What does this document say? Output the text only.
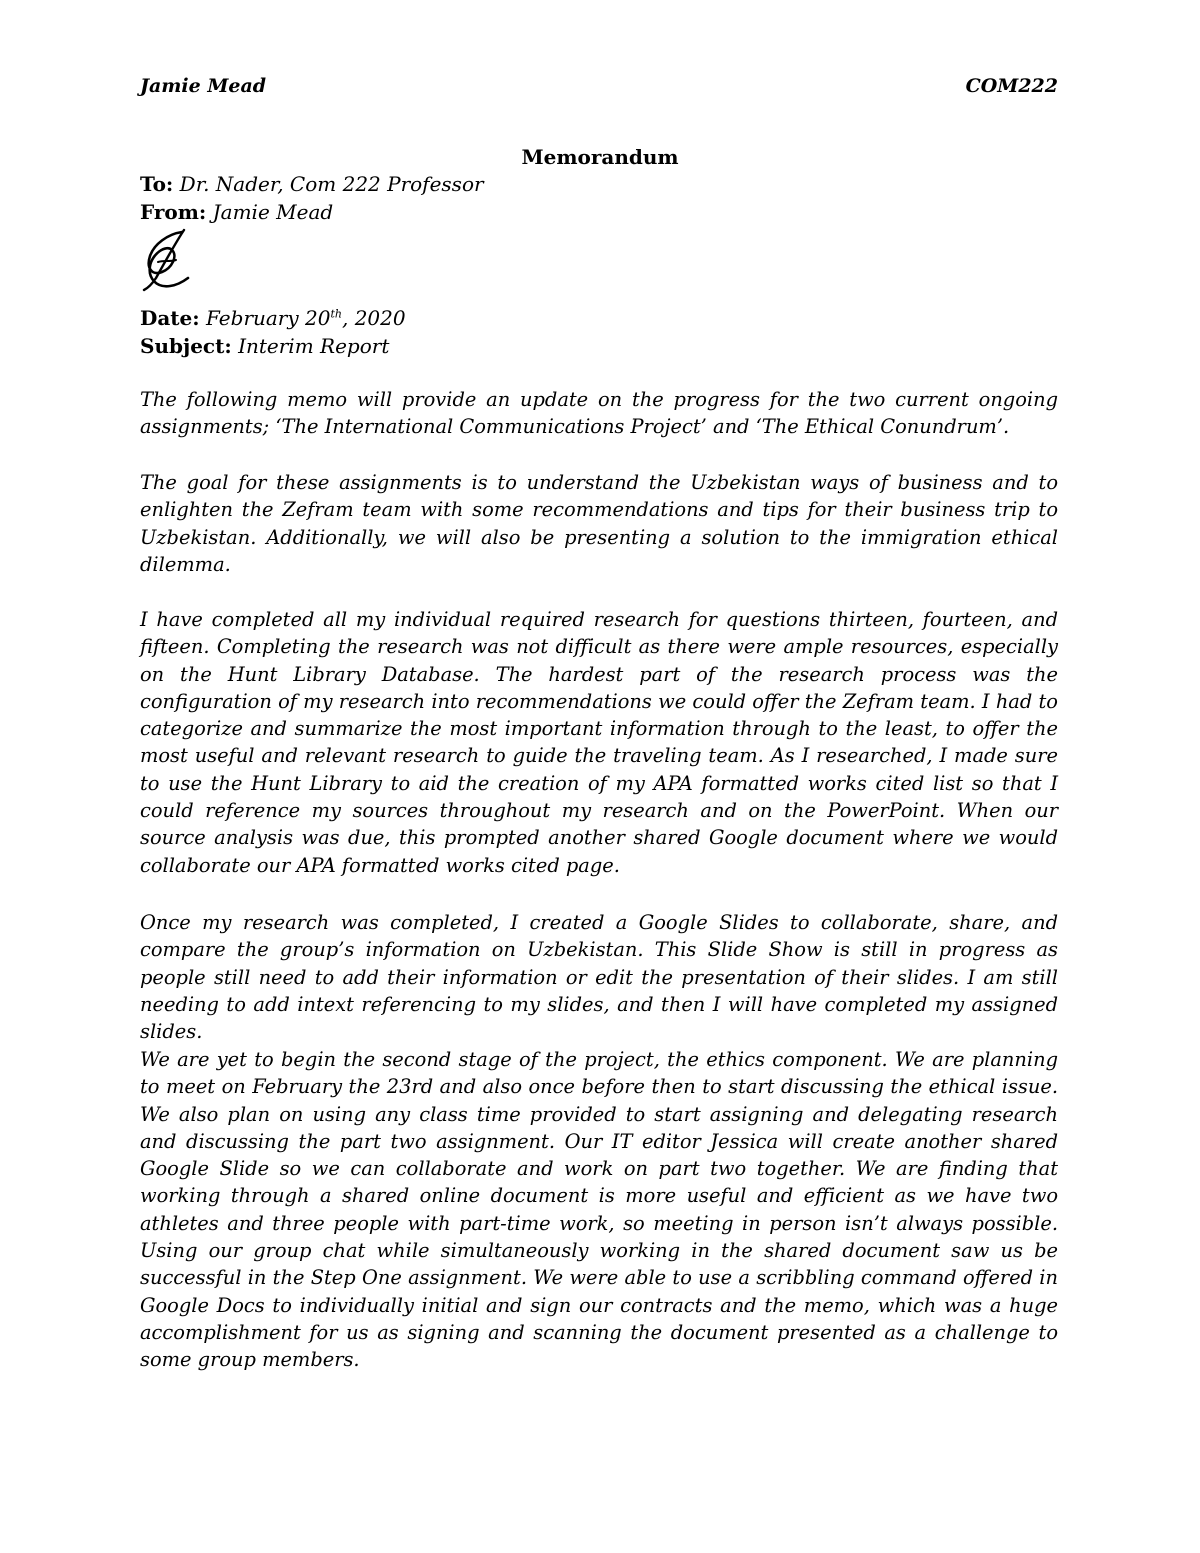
Jamie Mead	COM222
Memorandum
To: Dr. Nader, Com 222 Professor
From: Jamie Mead
Date: February 20th, 2020
Subject: Interim Report

The following memo will provide an update on the progress for the two current ongoing assignments; ‘The International Communications Project’ and ‘The Ethical Conundrum’.

The goal for these assignments is to understand the Uzbekistan ways of business and to enlighten the Zefram team with some recommendations and tips for their business trip to Uzbekistan. Additionally, we will also be presenting a solution to the immigration ethical dilemma.

I have completed all my individual required research for questions thirteen, fourteen, and fifteen. Completing the research was not difficult as there were ample resources, especially on the Hunt Library Database. The hardest part of the research process was the configuration of my research into recommendations we could offer the Zefram team. I had to categorize and summarize the most important information through to the least, to offer the most useful and relevant research to guide the traveling team. As I researched, I made sure to use the Hunt Library to aid the creation of my APA formatted works cited list so that I could reference my sources throughout my research and on the PowerPoint. When our source analysis was due, this prompted another shared Google document where we would collaborate our APA formatted works cited page.

Once my research was completed, I created a Google Slides to collaborate, share, and compare the group’s information on Uzbekistan. This Slide Show is still in progress as people still need to add their information or edit the presentation of their slides. I am still needing to add intext referencing to my slides, and then I will have completed my assigned slides.

We are yet to begin the second stage of the project, the ethics component. We are planning to meet on February the 23rd and also once before then to start discussing the ethical issue. We also plan on using any class time provided to start assigning and delegating research and discussing the part two assignment. Our IT editor Jessica will create another shared Google Slide so we can collaborate and work on part two together. We are finding that working through a shared online document is more useful and efficient as we have two athletes and three people with part-time work, so meeting in person isn’t always possible. Using our group chat while simultaneously working in the shared document saw us be successful in the Step One assignment. We were able to use a scribbling command offered in Google Docs to individually initial and sign our contracts and the memo, which was a huge accomplishment for us as signing and scanning the document presented as a challenge to some group members.
